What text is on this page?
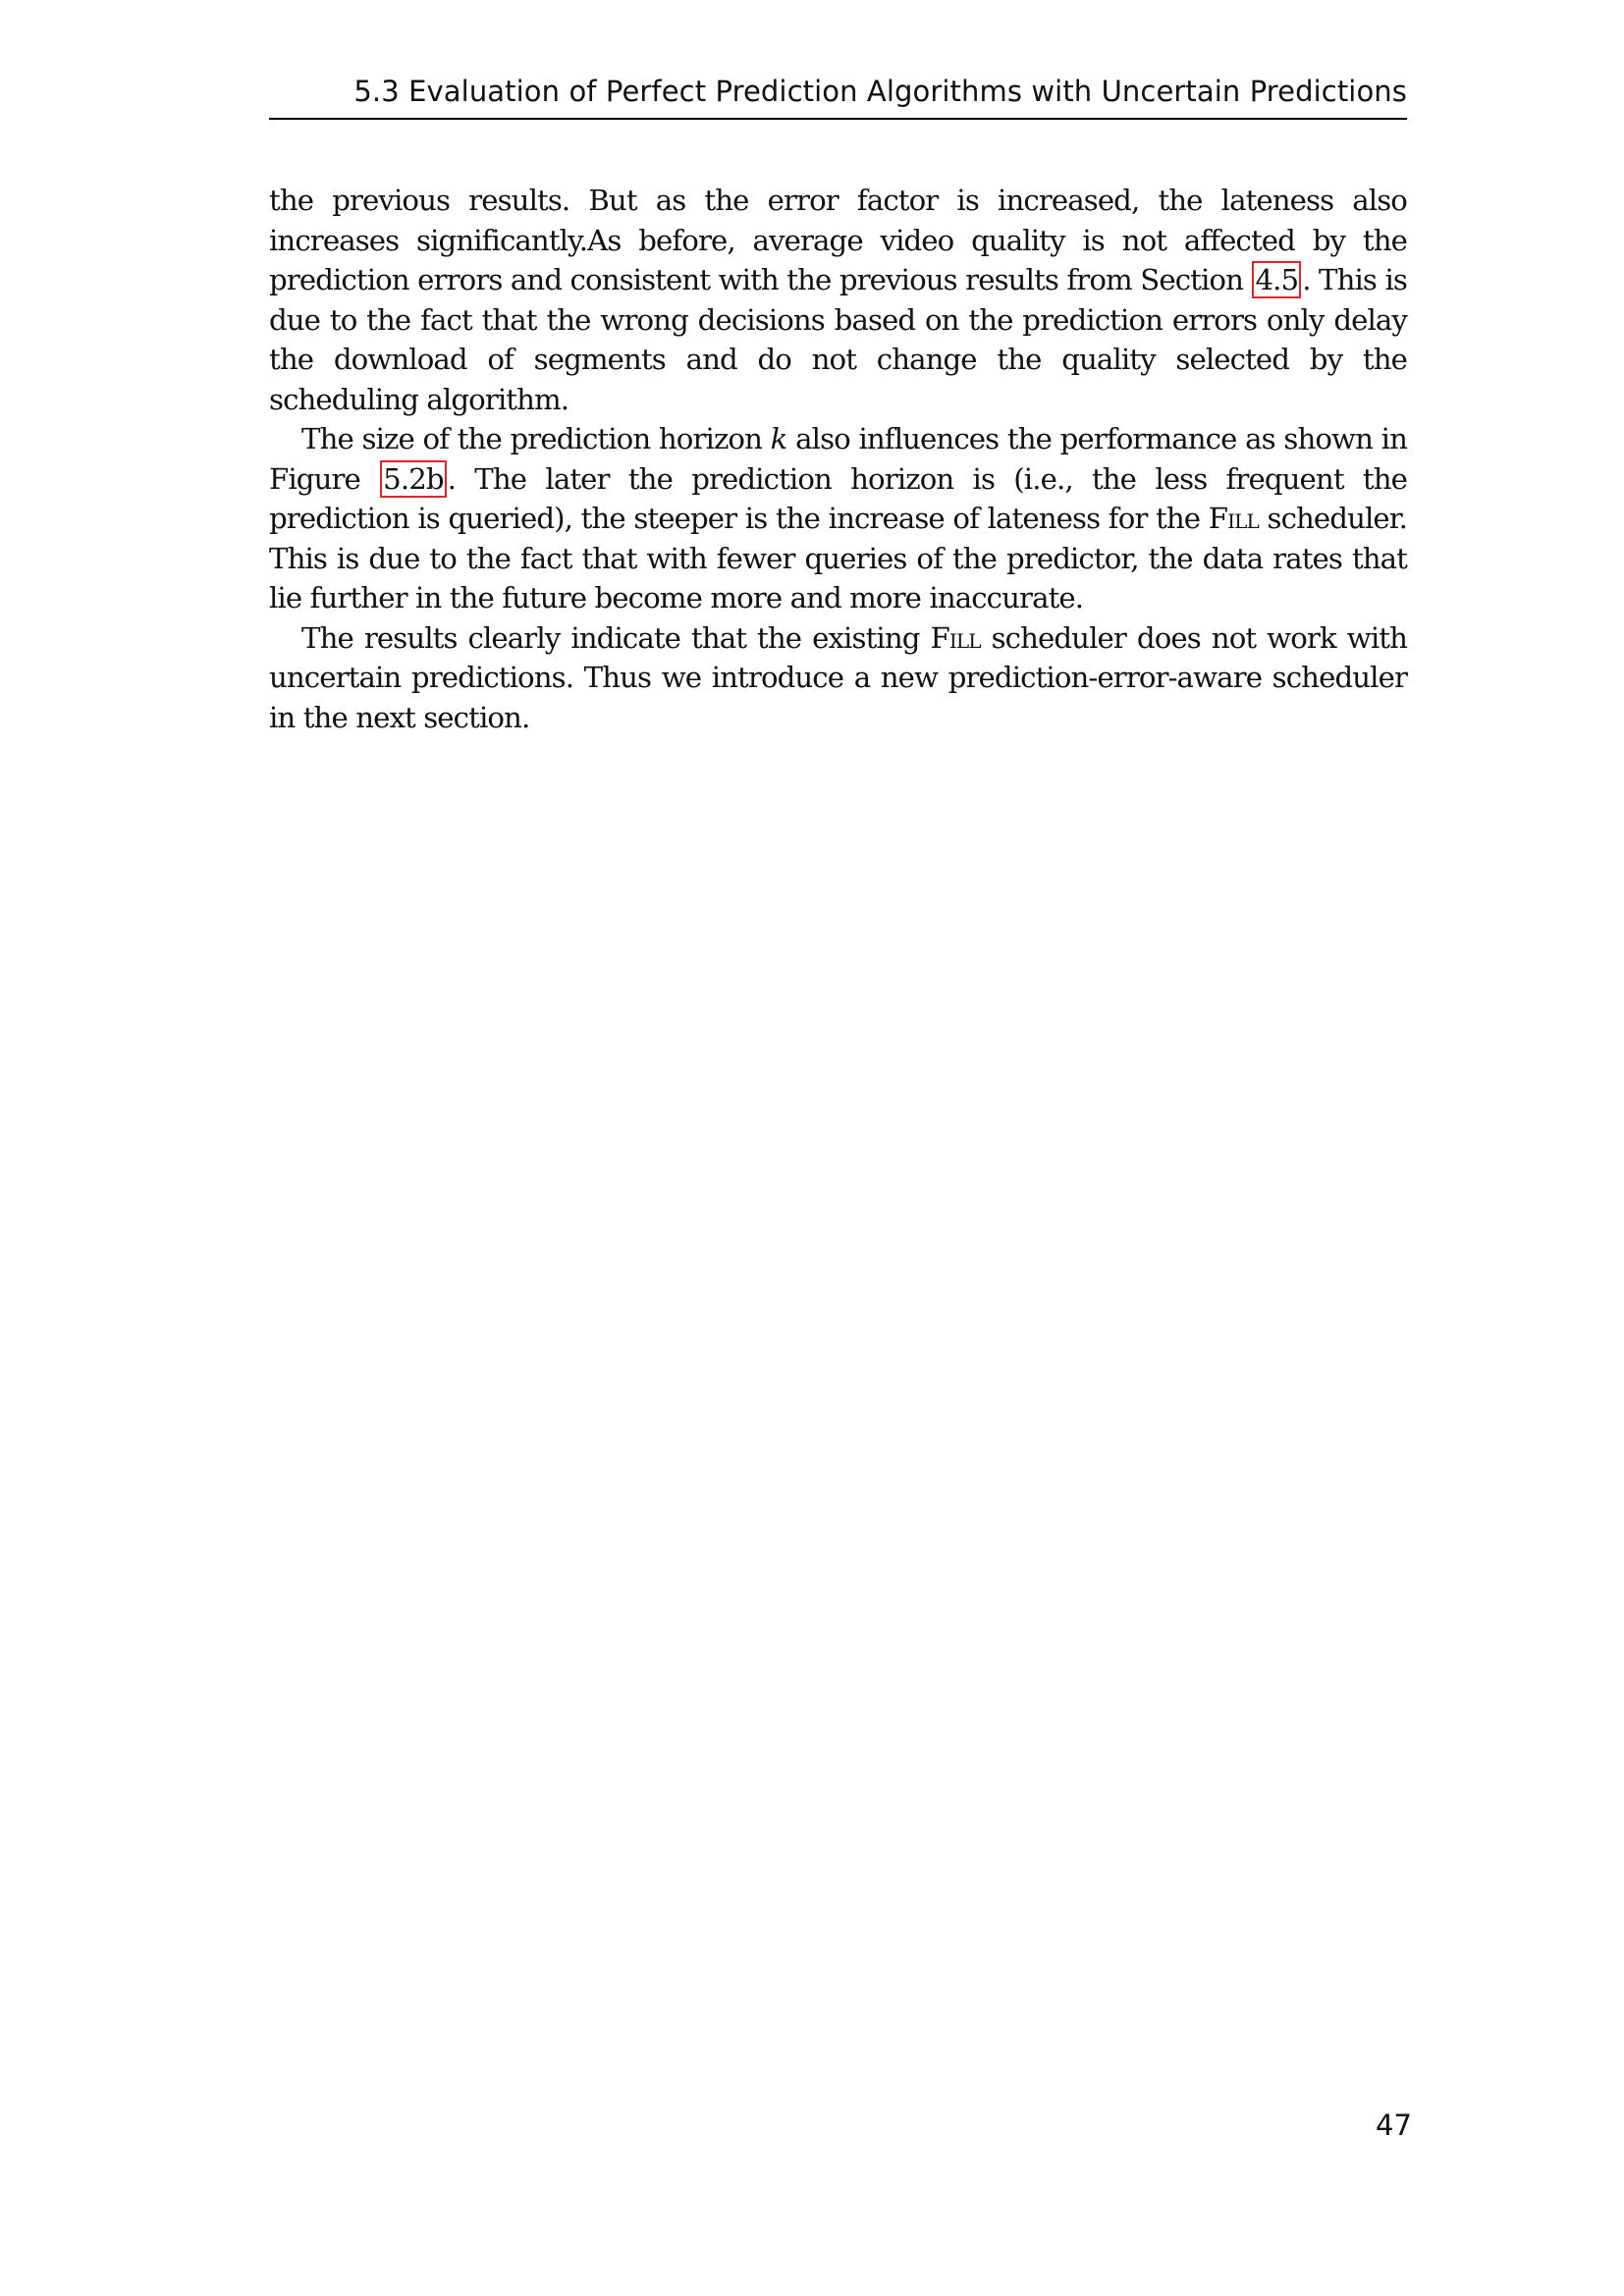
5.3 Evaluation of Perfect Prediction Algorithms with Uncertain Predictions

the previous results. But as the error factor is increased, the lateness also increases significantly.As before, average video quality is not affected by the prediction errors and consistent with the previous results from Section 4.5 . This is due to the fact that the wrong decisions based on the prediction errors only delay the download of segments and do not change the quality selected by the scheduling algorithm.

The size of the prediction horizon k also influences the performance as shown in Figure 5.2b . The later the prediction horizon is (i.e., the less frequent the prediction is queried), the steeper is the increase of lateness for the Fill scheduler. This is due to the fact that with fewer queries of the predictor, the data rates that lie further in the future become more and more inaccurate.

The results clearly indicate that the existing Fill scheduler does not work with uncertain predictions. Thus we introduce a new prediction-error-aware scheduler in the next section.

47
